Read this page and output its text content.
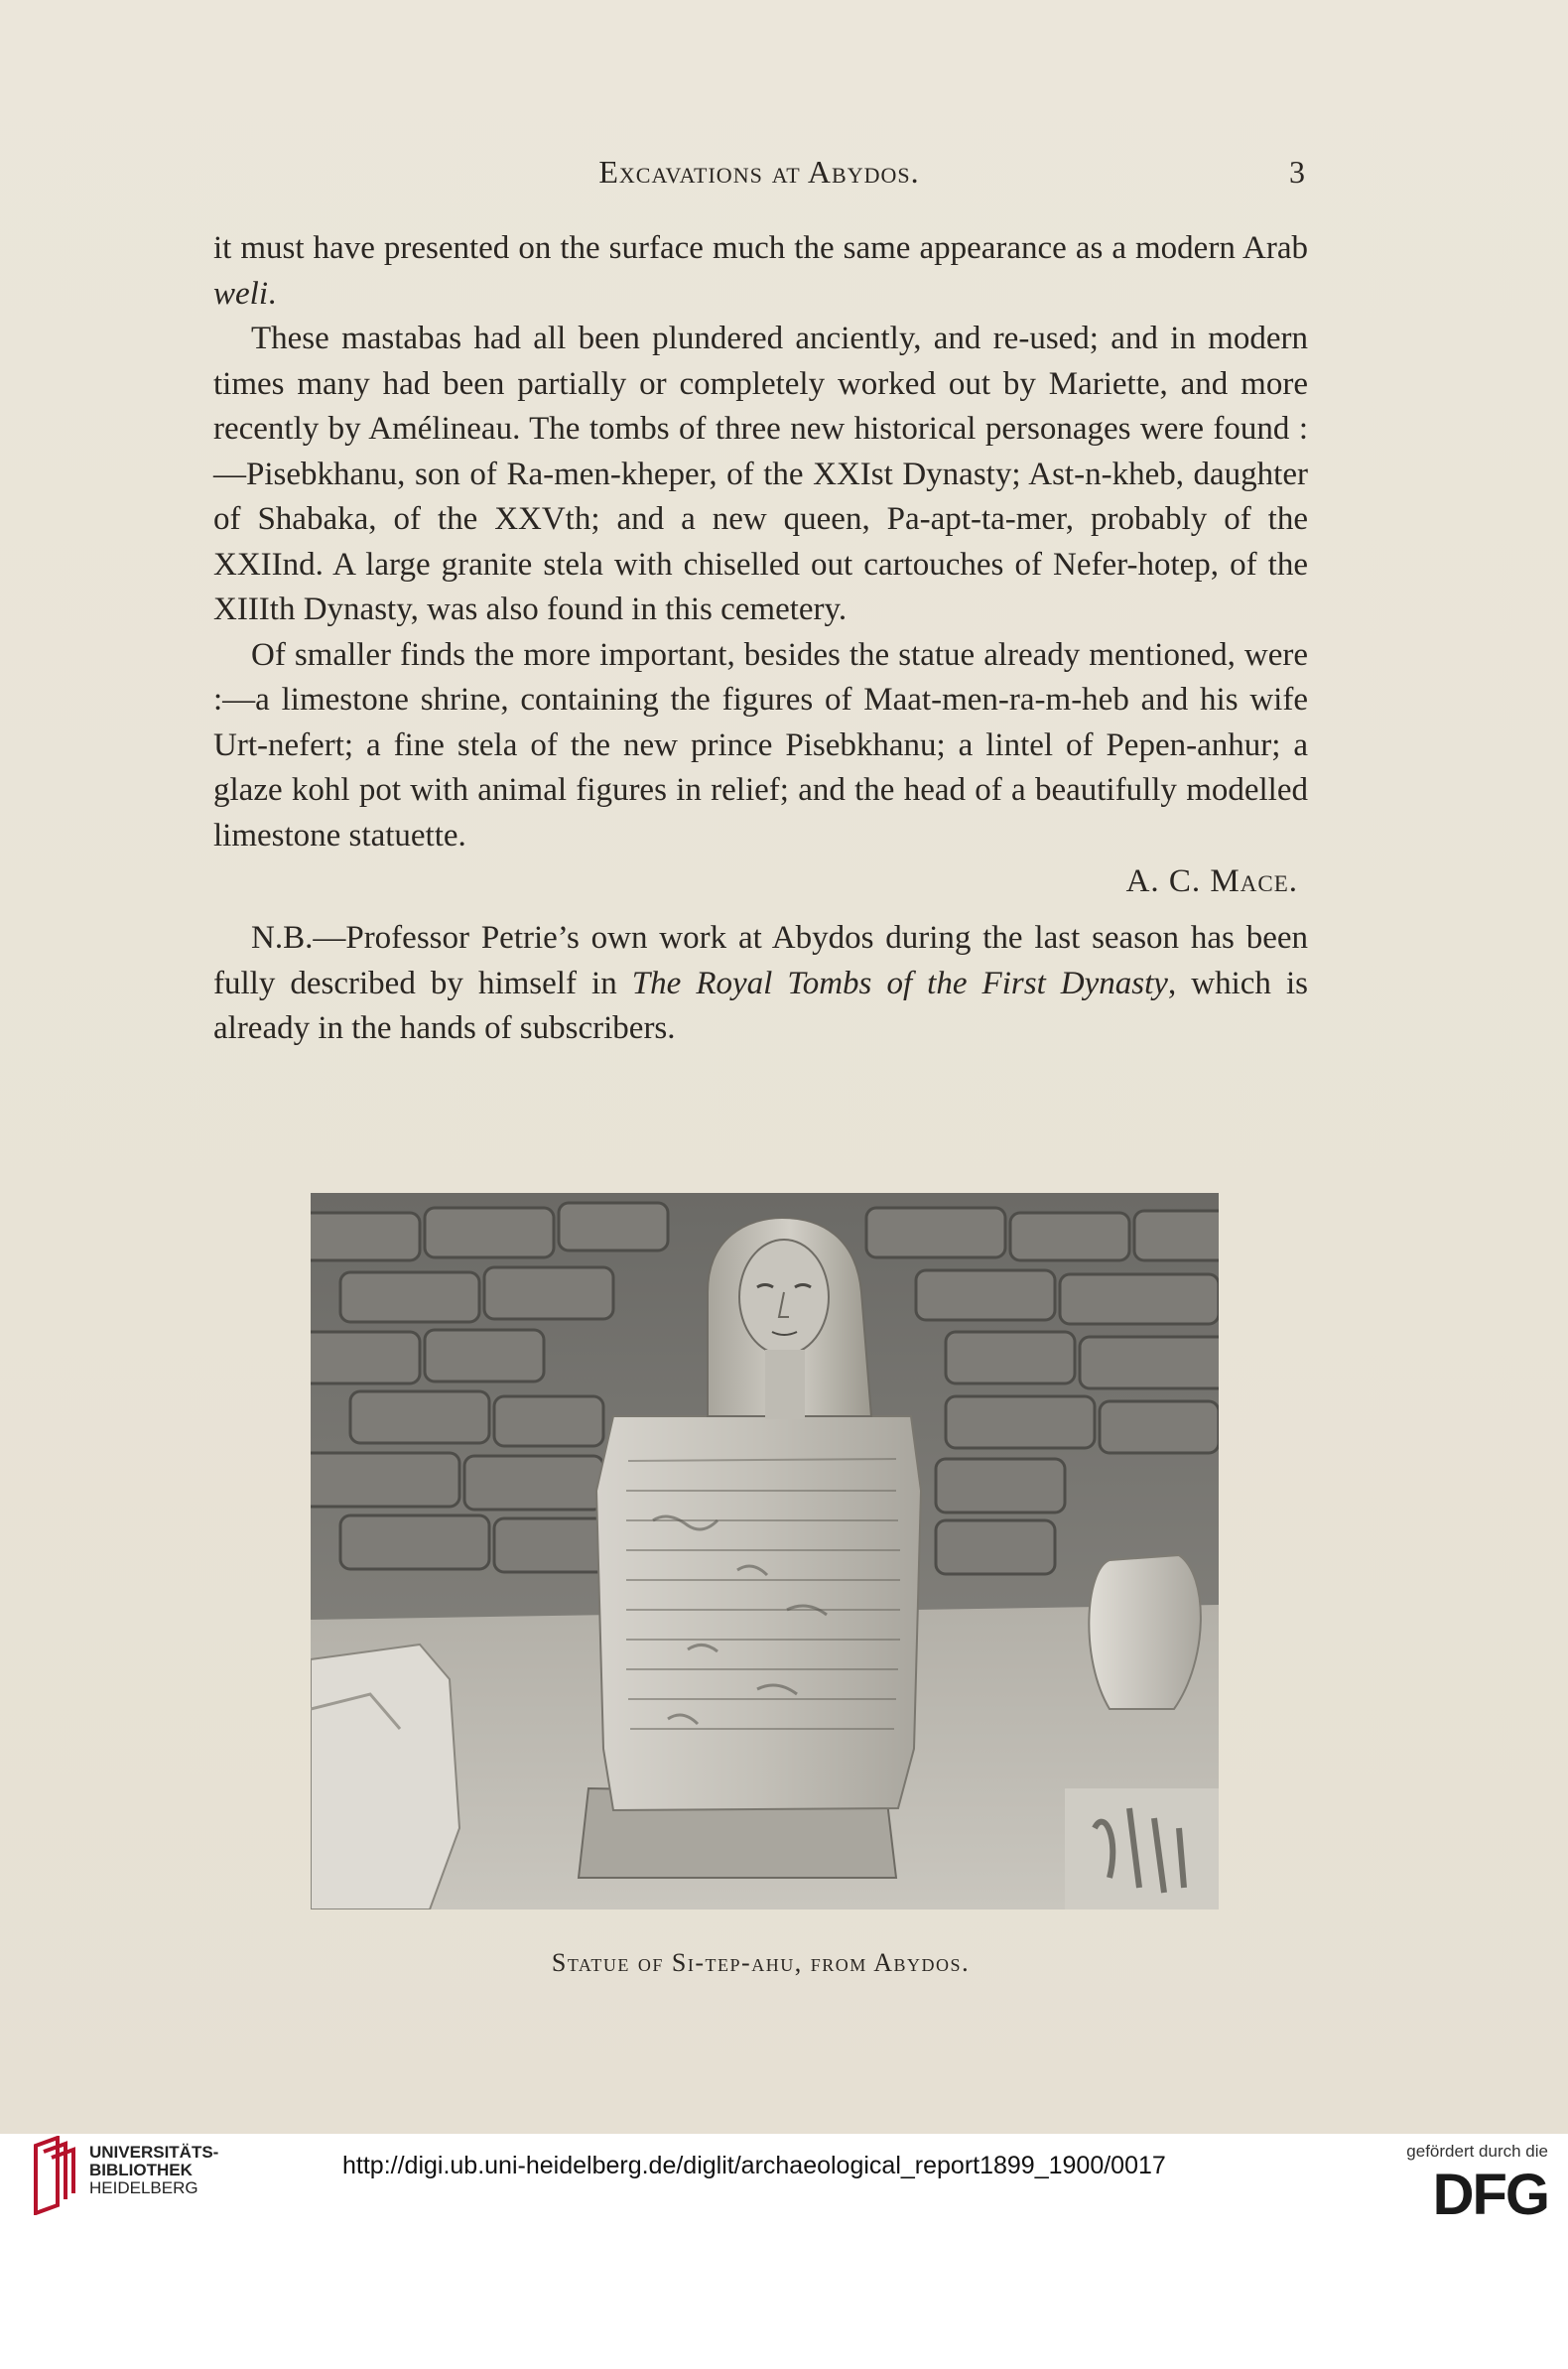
Excavations at Abydos.	3

it must have presented on the surface much the same appearance as a modern Arab weli.

These mastabas had all been plundered anciently, and re-used; and in modern times many had been partially or completely worked out by Mariette, and more recently by Amélineau. The tombs of three new historical personages were found :—Pisebkhanu, son of Ra-men-kheper, of the XXIst Dynasty; Ast-n-kheb, daughter of Shabaka, of the XXVth; and a new queen, Pa-apt-ta-mer, probably of the XXIInd. A large granite stela with chiselled out cartouches of Nefer-hotep, of the XIIIth Dynasty, was also found in this cemetery.

Of smaller finds the more important, besides the statue already mentioned, were :—a limestone shrine, containing the figures of Maat-men-ra-m-heb and his wife Urt-nefert; a fine stela of the new prince Pisebkhanu; a lintel of Pepen-anhur; a glaze kohl pot with animal figures in relief; and the head of a beautifully modelled limestone statuette.

A. C. Mace.

N.B.—Professor Petrie’s own work at Abydos during the last season has been fully described by himself in The Royal Tombs of the First Dynasty, which is already in the hands of subscribers.

Statue of Si-tep-ahu, from Abydos.
UNIVERSITÄTS-
BIBLIOTHEK
HEIDELBERG
http://digi.ub.uni-heidelberg.de/diglit/archaeological_report1899_1900/0017
gefördert durch die
DFG
